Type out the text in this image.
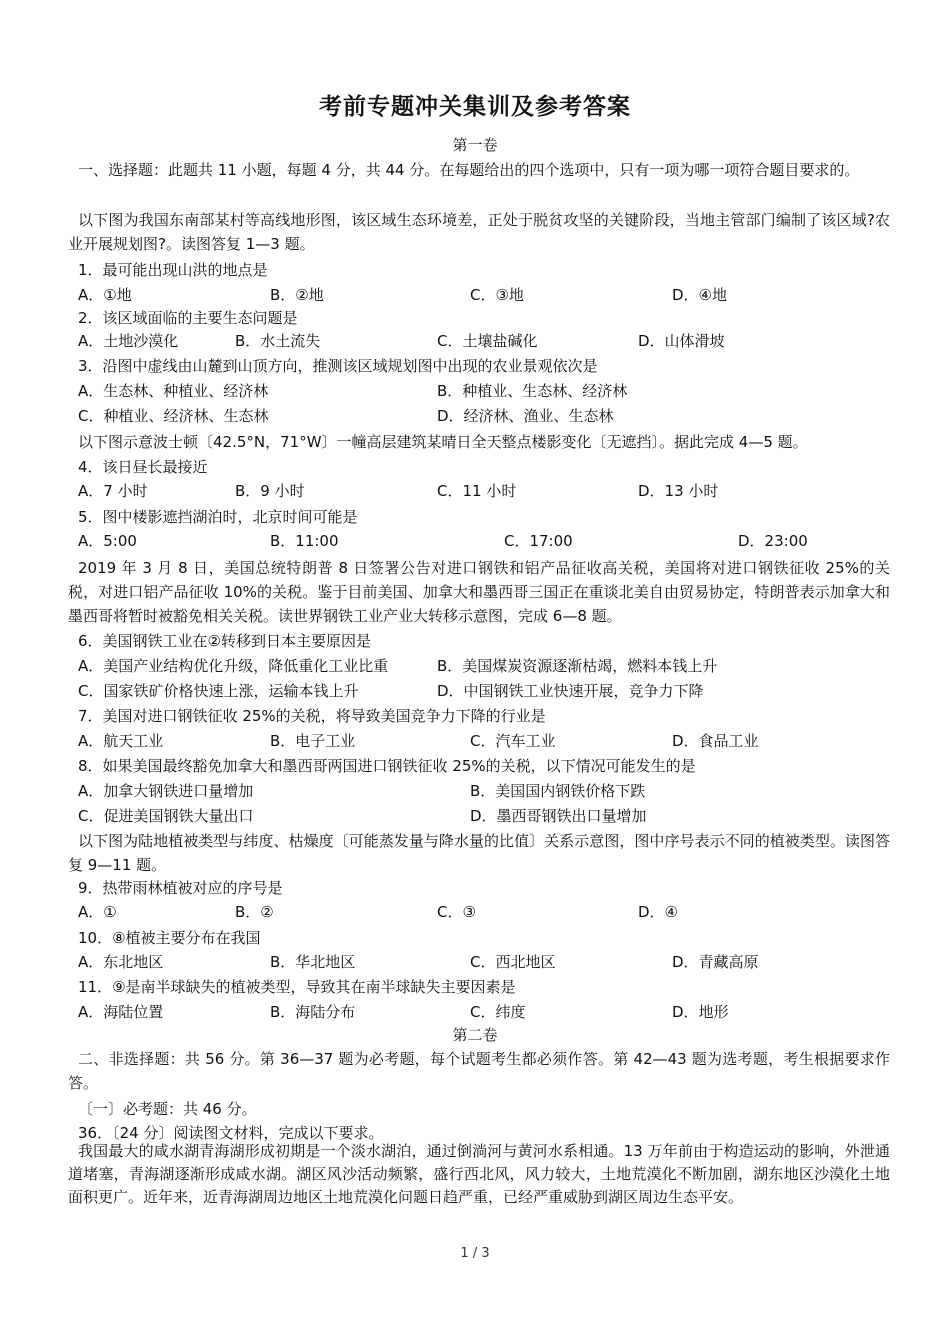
考前专题冲关集训及参考答案
第一卷
一、选择题：此题共 11 小题，每题 4 分，共 44 分。在每题给出的四个选项中，只有一项为哪一项符合题目要求的。
以下图为我国东南部某村等高线地形图，该区域生态环境差，正处于脱贫攻坚的关键阶段，当地主管部门编制了该区域?农业开展规划图?。读图答复 1—3 题。
1．最可能出现山洪的地点是
A．①地	B．②地	C．③地	D．④地
2．该区域面临的主要生态问题是
A．土地沙漠化	B．水土流失	C．土壤盐碱化	D．山体滑坡
3．沿图中虚线由山麓到山顶方向，推测该区域规划图中出现的农业景观依次是
A．生态林、种植业、经济林	B．种植业、生态林、经济林
C．种植业、经济林、生态林	D．经济林、渔业、生态林
以下图示意波士顿〔42.5°N，71°W〕一幢高层建筑某晴日全天整点楼影变化〔无遮挡〕。据此完成 4—5 题。
4．该日昼长最接近
A．7 小时	B．9 小时	C．11 小时	D．13 小时
5．图中楼影遮挡湖泊时，北京时间可能是
A．5:00	B．11:00	C．17:00	D．23:00
2019 年 3 月 8 日，美国总统特朗普 8 日签署公告对进口钢铁和铝产品征收高关税，美国将对进口钢铁征收 25%的关税，对进口铝产品征收 10%的关税。鉴于目前美国、加拿大和墨西哥三国正在重谈北美自由贸易协定，特朗普表示加拿大和墨西哥将暂时被豁免相关关税。读世界钢铁工业产业大转移示意图，完成 6—8 题。
6．美国钢铁工业在②转移到日本主要原因是
A．美国产业结构优化升级，降低重化工业比重	B．美国煤炭资源逐渐枯竭，燃料本钱上升
C．国家铁矿价格快速上涨，运输本钱上升	D．中国钢铁工业快速开展，竞争力下降
7．美国对进口钢铁征收 25%的关税，将导致美国竞争力下降的行业是
A．航天工业	B．电子工业	C．汽车工业	D．食品工业
8．如果美国最终豁免加拿大和墨西哥两国进口钢铁征收 25%的关税，以下情况可能发生的是
A．加拿大钢铁进口量增加	B．美国国内钢铁价格下跌
C．促进美国钢铁大量出口	D．墨西哥钢铁出口量增加
以下图为陆地植被类型与纬度、枯燥度〔可能蒸发量与降水量的比值〕关系示意图，图中序号表示不同的植被类型。读图答复 9—11 题。
9．热带雨林植被对应的序号是
A．①	B．②	C．③	D．④
10．⑧植被主要分布在我国
A．东北地区	B．华北地区	C．西北地区	D．青藏高原
11．⑨是南半球缺失的植被类型，导致其在南半球缺失主要因素是
A．海陆位置	B．海陆分布	C．纬度	D．地形
第二卷
二、非选择题：共 56 分。第 36—37 题为必考题，每个试题考生都必须作答。第 42—43 题为选考题，考生根据要求作答。
〔一〕必考题：共 46 分。
36．〔24 分〕阅读图文材料，完成以下要求。
我国最大的咸水湖青海湖形成初期是一个淡水湖泊，通过倒淌河与黄河水系相通。13 万年前由于构造运动的影响，外泄通道堵塞，青海湖逐渐形成咸水湖。湖区风沙活动频繁，盛行西北风，风力较大，土地荒漠化不断加剧，湖东地区沙漠化土地面积更广。近年来，近青海湖周边地区土地荒漠化问题日趋严重，已经严重威胁到湖区周边生态平安。
1 / 3
